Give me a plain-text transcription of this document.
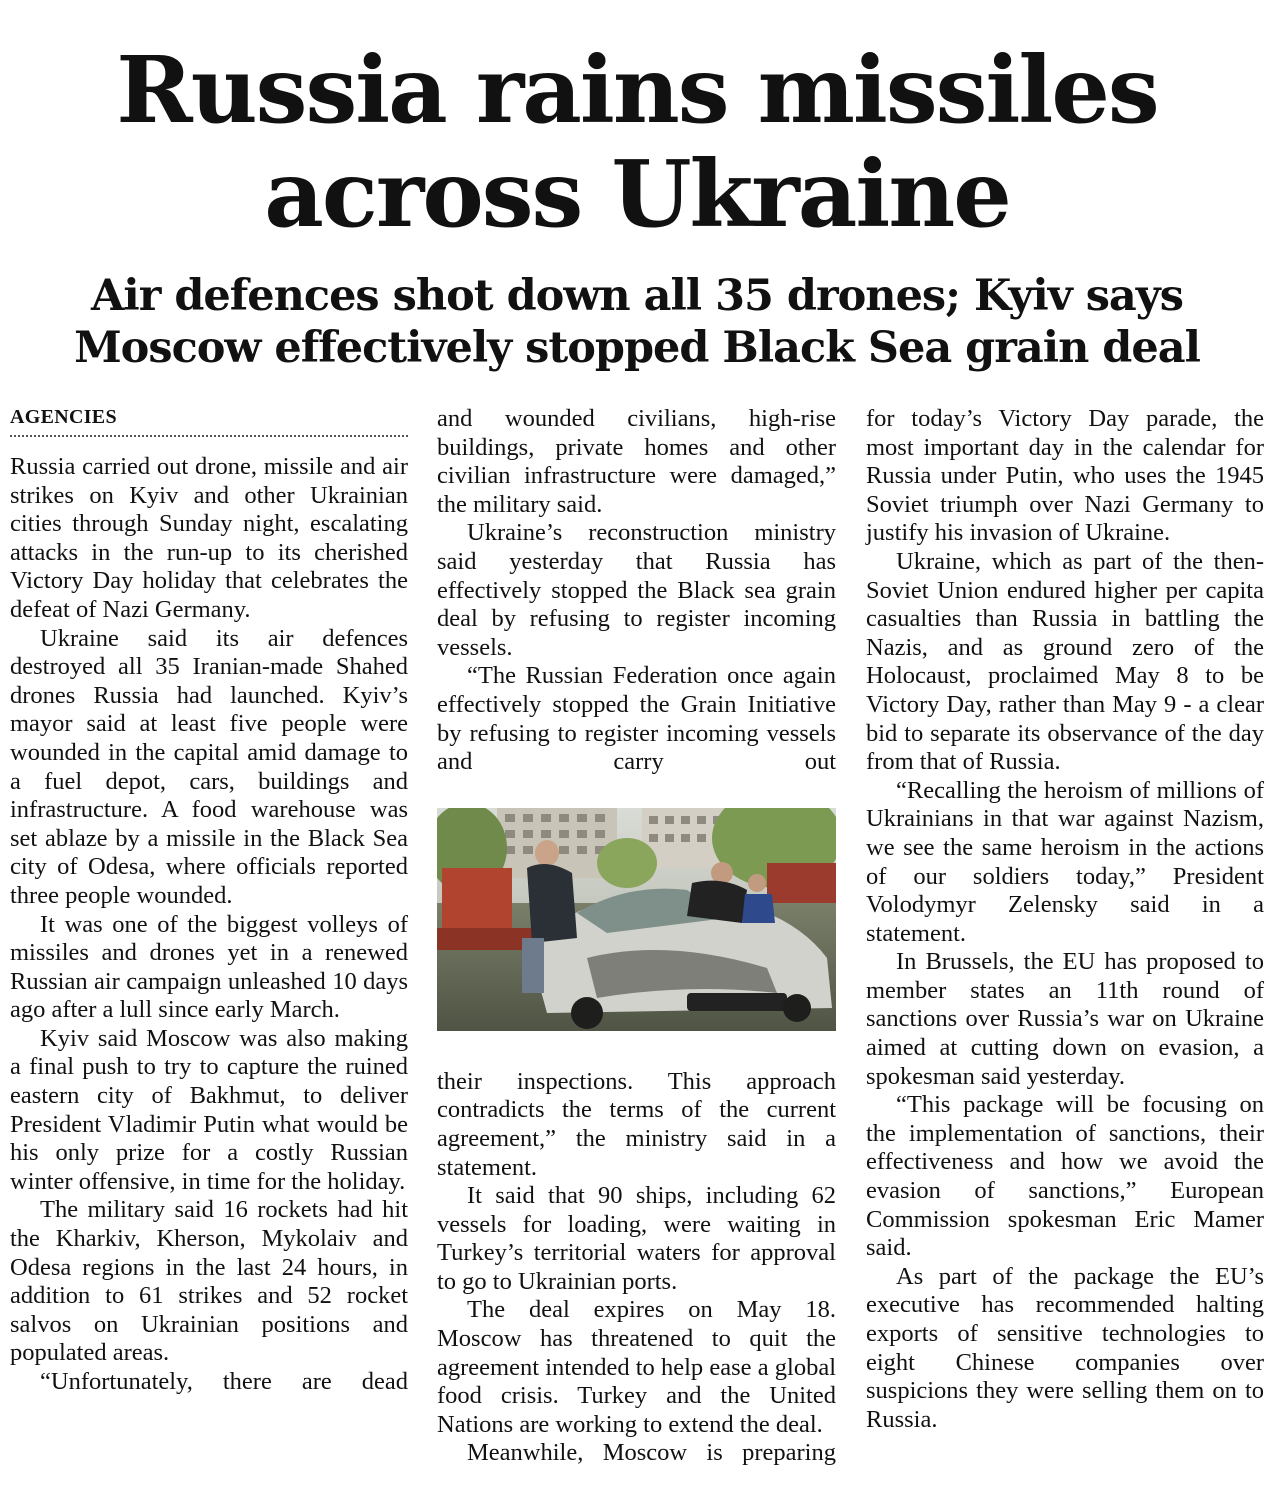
Russia rains missiles
across Ukraine
Air defences shot down all 35 drones; Kyiv says
Moscow effectively stopped Black Sea grain deal
AGENCIES

Russia carried out drone, missile and air strikes on Kyiv and other Ukrainian cities through Sunday night, escalating attacks in the run-up to its cherished Victory Day holiday that celebrates the defeat of Nazi Germany.

Ukraine said its air defences destroyed all 35 Iranian-made Shahed drones Russia had launched. Kyiv’s mayor said at least five people were wounded in the capital amid damage to a fuel depot, cars, buildings and infrastructure. A food warehouse was set ablaze by a missile in the Black Sea city of Odesa, where officials reported three people wounded.

It was one of the biggest volleys of missiles and drones yet in a renewed Russian air campaign unleashed 10 days ago after a lull since early March.

Kyiv said Moscow was also making a final push to try to capture the ruined eastern city of Bakhmut, to deliver President Vladimir Putin what would be his only prize for a costly Russian winter offensive, in time for the holiday.

The military said 16 rockets had hit the Kharkiv, Kherson, Mykolaiv and Odesa regions in the last 24 hours, in addition to 61 strikes and 52 rocket salvos on Ukrainian positions and populated areas.

“Unfortunately, there are dead

and wounded civilians, high-rise buildings, private homes and other civilian infrastructure were damaged,” the military said.

Ukraine’s reconstruction ministry said yesterday that Russia has effectively stopped the Black sea grain deal by refusing to register incoming vessels.

“The Russian Federation once again effectively stopped the Grain Initiative by refusing to register incoming vessels and carry out

their inspections. This approach contradicts the terms of the current agreement,” the ministry said in a statement.

It said that 90 ships, including 62 vessels for loading, were waiting in Turkey’s territorial waters for approval to go to Ukrainian ports.

The deal expires on May 18. Moscow has threatened to quit the agreement intended to help ease a global food crisis. Turkey and the United Nations are working to extend the deal.

Meanwhile, Moscow is preparing

for today’s Victory Day parade, the most important day in the calendar for Russia under Putin, who uses the 1945 Soviet triumph over Nazi Germany to justify his invasion of Ukraine.

Ukraine, which as part of the then-Soviet Union endured higher per capita casualties than Russia in battling the Nazis, and as ground zero of the Holocaust, proclaimed May 8 to be Victory Day, rather than May 9 - a clear bid to separate its observance of the day from that of Russia.

“Recalling the heroism of millions of Ukrainians in that war against Nazism, we see the same heroism in the actions of our soldiers today,” President Volodymyr Zelensky said in a statement.

In Brussels, the EU has proposed to member states an 11th round of sanctions over Russia’s war on Ukraine aimed at cutting down on evasion, a spokesman said yesterday.

“This package will be focusing on the implementation of sanctions, their effectiveness and how we avoid the evasion of sanctions,” European Commission spokesman Eric Mamer said.

As part of the package the EU’s executive has recommended halting exports of sensitive technologies to eight Chinese companies over suspicions they were selling them on to Russia.
